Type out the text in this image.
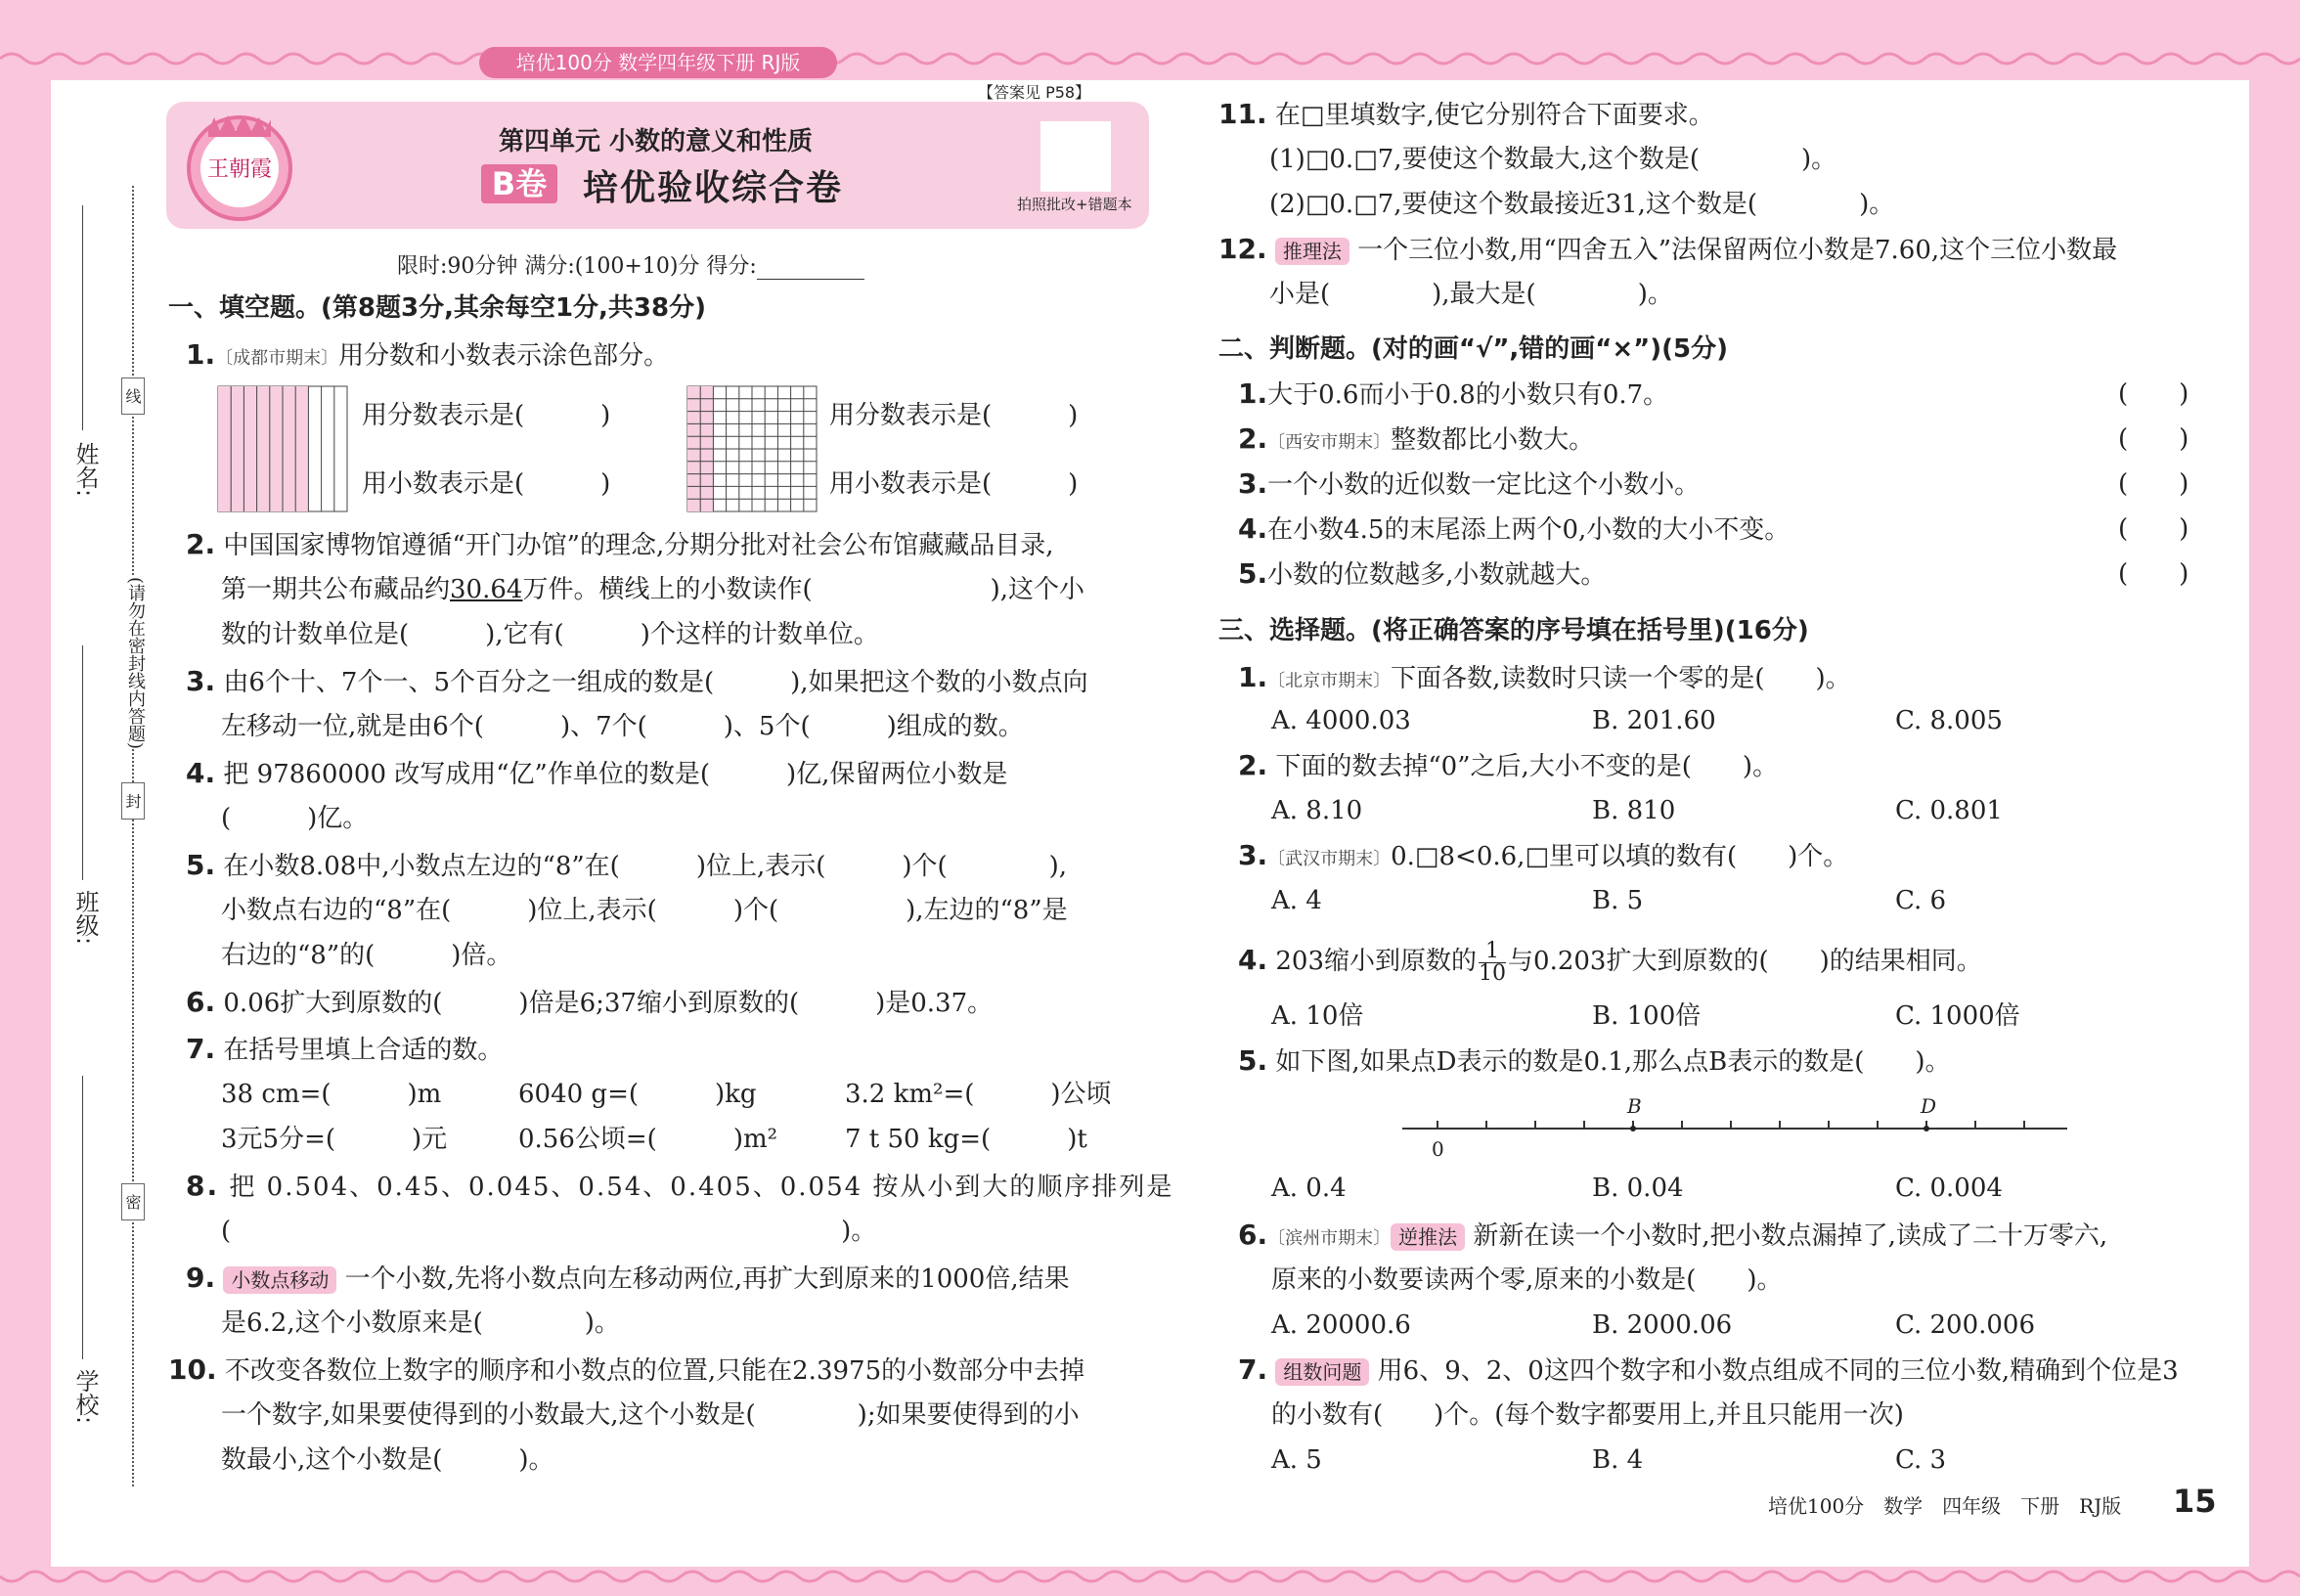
培优100分 数学四年级下册 RJ版
【答案见 P58】
王朝霞
第四单元 小数的意义和性质
B卷 培优验收综合卷	拍照批改+错题本
限时:90分钟 满分:(100+10)分 得分:
姓名:
线
(请勿在密封线内答题)
封
班级:
密
学校:
一、填空题。(第8题3分,其余每空1分,共38分)
1.〔成都市期末〕用分数和小数表示涂色部分。
用分数表示是(　　　)
用小数表示是(　　　)
用分数表示是(　　　)
用小数表示是(　　　)
2. 中国国家博物馆遵循“开门办馆”的理念,分期分批对社会公布馆藏藏品目录,
第一期共公布藏品约30.64万件。横线上的小数读作(　　　　　　　),这个小
数的计数单位是(　　　),它有(　　　)个这样的计数单位。
3. 由6个十、7个一、5个百分之一组成的数是(　　　),如果把这个数的小数点向
左移动一位,就是由6个(　　　)、7个(　　　)、5个(　　　)组成的数。
4. 把 97860000 改写成用“亿”作单位的数是(　　　)亿,保留两位小数是
(　　　)亿。
5. 在小数8.08中,小数点左边的“8”在(　　　)位上,表示(　　　)个(　　　　),
小数点右边的“8”在(　　　)位上,表示(　　　)个(　　　　　),左边的“8”是
右边的“8”的(　　　)倍。
6. 0.06扩大到原数的(　　　)倍是6;37缩小到原数的(　　　)是0.37。
7. 在括号里填上合适的数。
38 cm=(　　　)m	6040 g=(　　　)kg	3.2 km²=(　　　)公顷
3元5分=(　　　)元	0.56公顷=(　　　)m²	7 t 50 kg=(　　　)t
8. 把 0.504、0.45、0.045、0.54、0.405、0.054 按从小到大的顺序排列是
(　　　　　　　　　　　　　　　　　　　　　　　　)。
9. 小数点移动 一个小数,先将小数点向左移动两位,再扩大到原来的1000倍,结果
是6.2,这个小数原来是(　　　　)。
10. 不改变各数位上数字的顺序和小数点的位置,只能在2.3975的小数部分中去掉
一个数字,如果要使得到的小数最大,这个小数是(　　　　);如果要使得到的小
数最小,这个小数是(　　　)。
11. 在□里填数字,使它分别符合下面要求。
(1)□0.□7,要使这个数最大,这个数是(　　　　)。
(2)□0.□7,要使这个数最接近31,这个数是(　　　　)。
12. 推理法 一个三位小数,用“四舍五入”法保留两位小数是7.60,这个三位小数最
小是(　　　　),最大是(　　　　)。
二、判断题。(对的画“√”,错的画“×”)(5分)
1.大于0.6而小于0.8的小数只有0.7。	(　　)
2.〔西安市期末〕整数都比小数大。	(　　)
3.一个小数的近似数一定比这个小数小。	(　　)
4.在小数4.5的末尾添上两个0,小数的大小不变。	(　　)
5.小数的位数越多,小数就越大。	(　　)
三、选择题。(将正确答案的序号填在括号里)(16分)
1.〔北京市期末〕下面各数,读数时只读一个零的是(　　)。
A. 4000.03	B. 201.60	C. 8.005
2. 下面的数去掉“0”之后,大小不变的是(　　)。
A. 8.10	B. 810	C. 0.801
3.〔武汉市期末〕0.□8<0.6,□里可以填的数有(　　)个。
A. 4	B. 5	C. 6
4. 203缩小到原数的 $\frac{1}{10}$ 与0.203扩大到原数的(　　)的结果相同。
A. 10倍	B. 100倍	C. 1000倍
5. 如下图,如果点D表示的数是0.1,那么点B表示的数是(　　)。
0
B	D
A. 0.4	B. 0.04	C. 0.004
6.〔滨州市期末〕 逆推法 新新在读一个小数时,把小数点漏掉了,读成了二十万零六,
原来的小数要读两个零,原来的小数是(　　)。
A. 20000.6	B. 2000.06	C. 200.006
7. 组数问题 用6、9、2、0这四个数字和小数点组成不同的三位小数,精确到个位是3
的小数有(　　)个。(每个数字都要用上,并且只能用一次)
A. 5	B. 4	C. 3
培优100分　数学　四年级　下册　RJ版 15
